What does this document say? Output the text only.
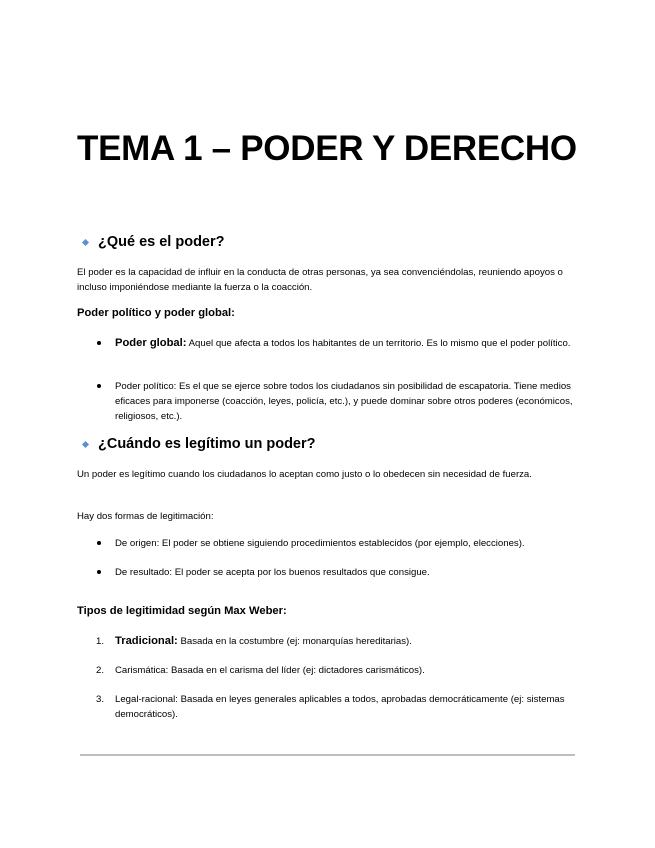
TEMA 1 – PODER Y DERECHO
¿Qué es el poder?

El poder es la capacidad de influir en la conducta de otras personas, ya sea convenciéndolas, reuniendo apoyos o incluso imponiéndose mediante la fuerza o la coacción.

Poder político y poder global:

Poder global: Aquel que afecta a todos los habitantes de un territorio. Es lo mismo que el poder político.
Poder político: Es el que se ejerce sobre todos los ciudadanos sin posibilidad de escapatoria. Tiene medios eficaces para imponerse (coacción, leyes, policía, etc.), y puede dominar sobre otros poderes (económicos, religiosos, etc.).
¿Cuándo es legítimo un poder?

Un poder es legítimo cuando los ciudadanos lo aceptan como justo o lo obedecen sin necesidad de fuerza.

Hay dos formas de legitimación:

De origen: El poder se obtiene siguiendo procedimientos establecidos (por ejemplo, elecciones).
De resultado: El poder se acepta por los buenos resultados que consigue.

Tipos de legitimidad según Max Weber:

1. Tradicional: Basada en la costumbre (ej: monarquías hereditarias).
2.	Carismática: Basada en el carisma del líder (ej: dictadores carismáticos).
3.	Legal-racional: Basada en leyes generales aplicables a todos, aprobadas democráticamente (ej: sistemas democráticos).
